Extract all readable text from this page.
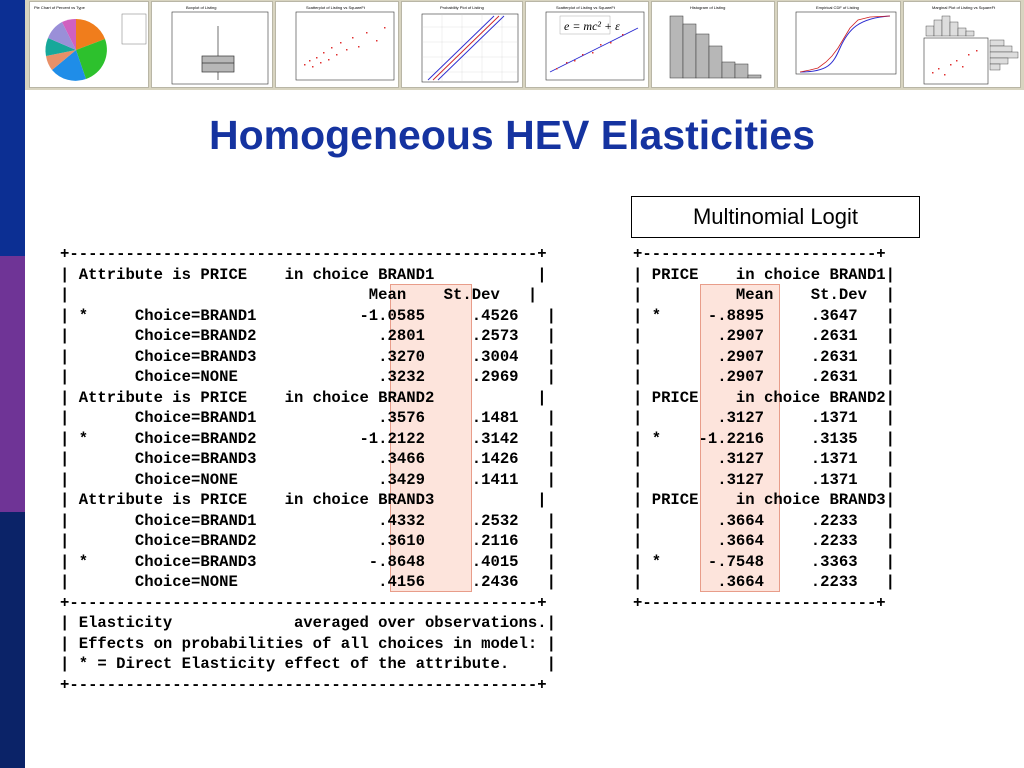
Pie Chart of Percent vs Type	Boxplot of Listing	Scatterplot of Listing vs SquareFt	Probability Plot of Listing	Scatterplot of Listing vs SquareFt
e = mc² + ε
Histogram of Listing	Empirical CDF of Listing	Marginal Plot of Listing vs SquareFt
Homogeneous HEV Elasticities
Multinomial Logit
+--------------------------------------------------+
| Attribute is PRICE    in choice BRAND1           |
|                                Mean    St.Dev   |
| *     Choice=BRAND1           -1.0585     .4526   |
|       Choice=BRAND2             .2801     .2573   |
|       Choice=BRAND3             .3270     .3004   |
|       Choice=NONE               .3232     .2969   |
| Attribute is PRICE    in choice BRAND2           |
|       Choice=BRAND1             .3576     .1481   |
| *     Choice=BRAND2           -1.2122     .3142   |
|       Choice=BRAND3             .3466     .1426   |
|       Choice=NONE               .3429     .1411   |
| Attribute is PRICE    in choice BRAND3           |
|       Choice=BRAND1             .4332     .2532   |
|       Choice=BRAND2             .3610     .2116   |
| *     Choice=BRAND3            -.8648     .4015   |
|       Choice=NONE               .4156     .2436   |
+--------------------------------------------------+
| Elasticity             averaged over observations.|
| Effects on probabilities of all choices in model: |
| * = Direct Elasticity effect of the attribute.    |
+--------------------------------------------------+
+-------------------------+
| PRICE    in choice BRAND1|
|          Mean    St.Dev  |
| *     -.8895     .3647   |
|        .2907     .2631   |
|        .2907     .2631   |
|        .2907     .2631   |
| PRICE    in choice BRAND2|
|        .3127     .1371   |
| *    -1.2216     .3135   |
|        .3127     .1371   |
|        .3127     .1371   |
| PRICE    in choice BRAND3|
|        .3664     .2233   |
|        .3664     .2233   |
| *     -.7548     .3363   |
|        .3664     .2233   |
+-------------------------+
